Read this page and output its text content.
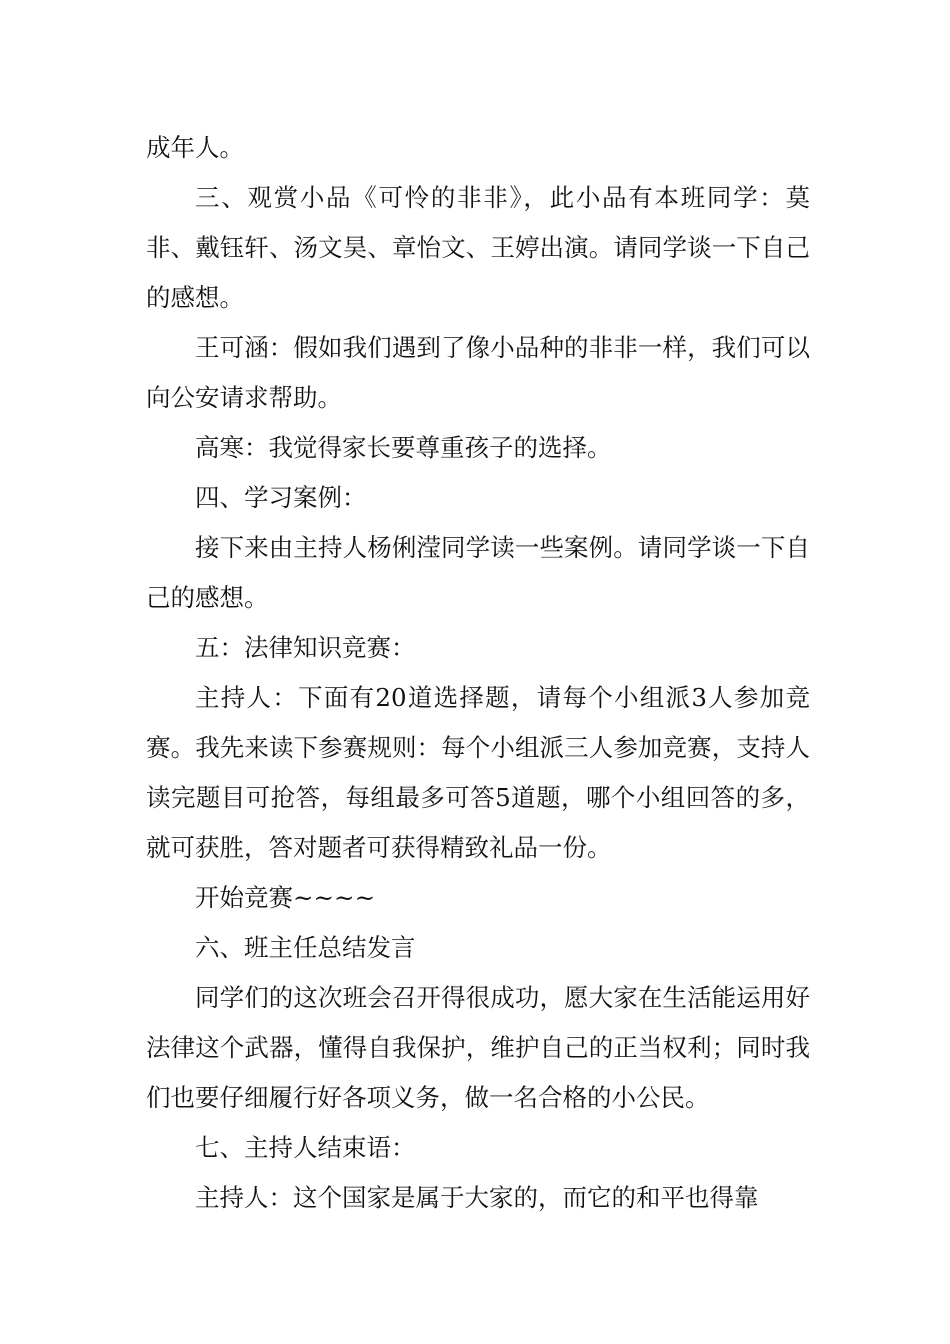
成年人。

三、观赏小品《可怜的非非》，此小品有本班同学：莫非、戴钰轩、汤文昊、章怡文、王婷出演。请同学谈一下自己的感想。

王可涵：假如我们遇到了像小品种的非非一样，我们可以向公安请求帮助。

高寒：我觉得家长要尊重孩子的选择。

四、学习案例：

接下来由主持人杨俐滢同学读一些案例。请同学谈一下自己的感想。

五：法律知识竞赛：

主持人：下面有20道选择题，请每个小组派3人参加竞赛。我先来读下参赛规则：每个小组派三人参加竞赛，支持人读完题目可抢答，每组最多可答5道题，哪个小组回答的多，就可获胜，答对题者可获得精致礼品一份。

开始竞赛~~~~

六、班主任总结发言

同学们的这次班会召开得很成功，愿大家在生活能运用好法律这个武器，懂得自我保护，维护自己的正当权利；同时我们也要仔细履行好各项义务，做一名合格的小公民。

七、主持人结束语：

主持人：这个国家是属于大家的，而它的和平也得靠
